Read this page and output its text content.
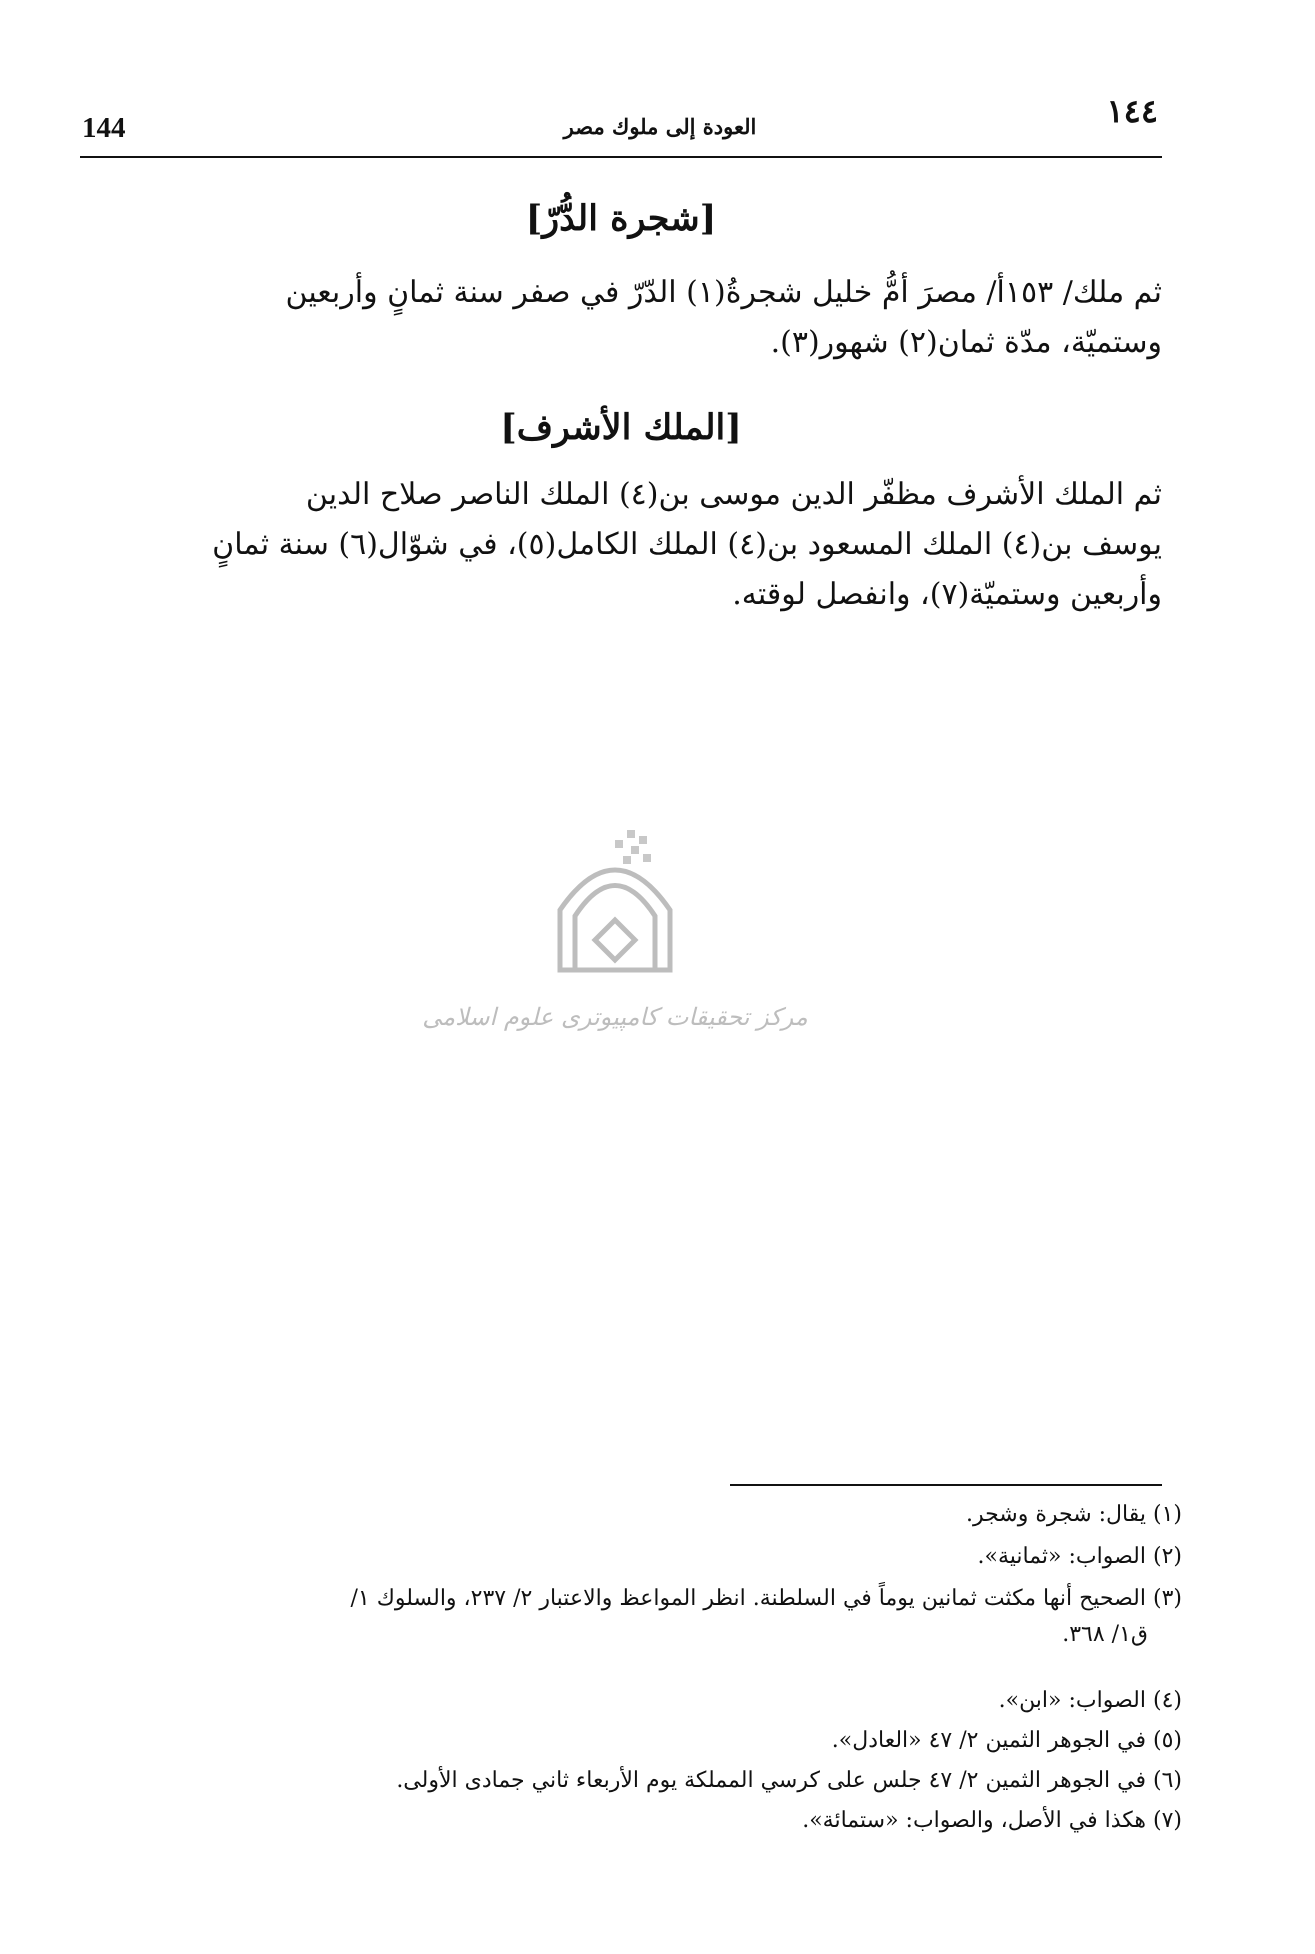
144	العودة إلى ملوك مصر	١٤٤
[شجرة الدُّرّ]

ثم ملك/ ١٥٣أ/ مصرَ أمُّ خليل شجرةُ(١) الدّرّ في صفر سنة ثمانٍ وأربعين

وستميّة، مدّة ثمان(٢) شهور(٣).

[الملك الأشرف]

ثم الملك الأشرف مظفّر الدين موسى بن(٤) الملك الناصر صلاح الدين

يوسف بن(٤) الملك المسعود بن(٤) الملك الكامل(٥)، في شوّال(٦) سنة ثمانٍ

وأربعين وستميّة(٧)، وانفصل لوقته.

مرکز تحقیقات کامپیوتری علوم اسلامی
(١) يقال: شجرة وشجر.
(٢) الصواب: «ثمانية».
(٣) الصحيح أنها مكثت ثمانين يوماً في السلطنة. انظر المواعظ والاعتبار ٢/ ٢٣٧، والسلوك ١/
ق١/ ٣٦٨.
(٤) الصواب: «ابن».
(٥) في الجوهر الثمين ٢/ ٤٧ «العادل».
(٦) في الجوهر الثمين ٢/ ٤٧ جلس على كرسي المملكة يوم الأربعاء ثاني جمادى الأولى.
(٧) هكذا في الأصل، والصواب: «ستمائة».
